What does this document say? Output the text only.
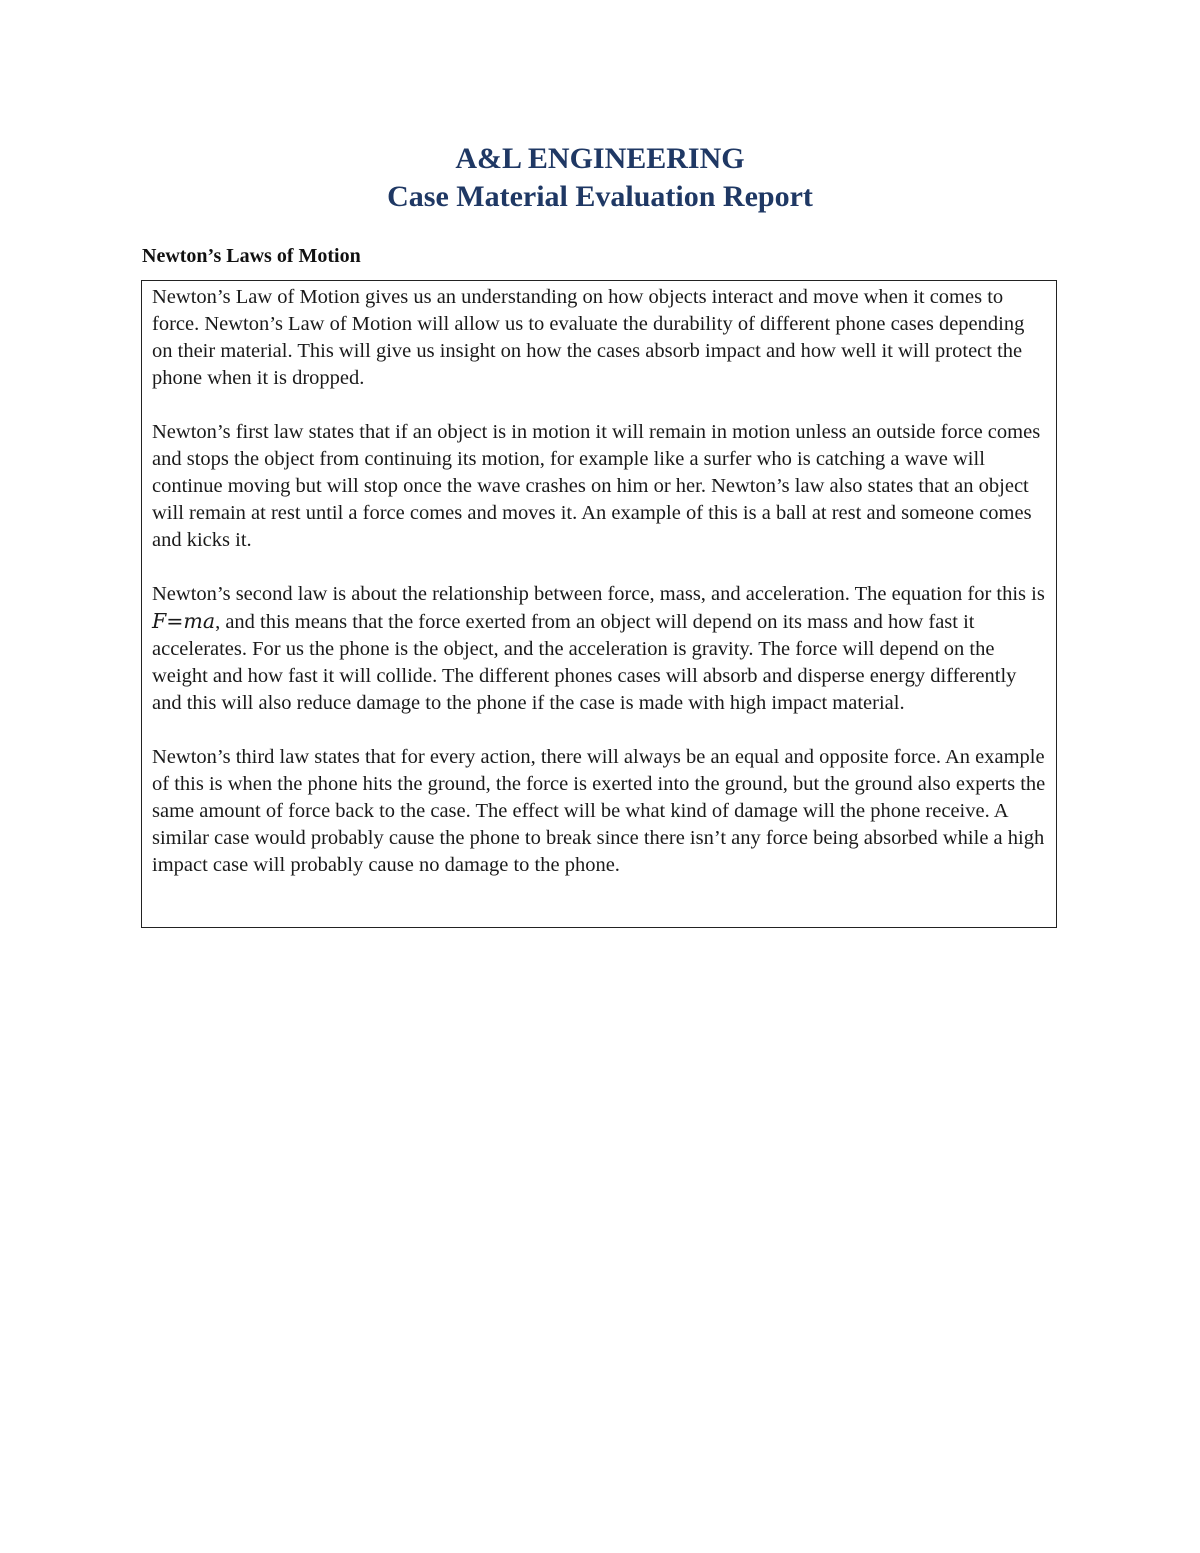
A&L ENGINEERING
Case Material Evaluation Report
Newton’s Laws of Motion

Newton’s Law of Motion gives us an understanding on how objects interact and move when it comes to force. Newton’s Law of Motion will allow us to evaluate the durability of different phone cases depending on their material. This will give us insight on how the cases absorb impact and how well it will protect the phone when it is dropped.

Newton’s first law states that if an object is in motion it will remain in motion unless an outside force comes and stops the object from continuing its motion, for example like a surfer who is catching a wave will continue moving but will stop once the wave crashes on him or her. Newton’s law also states that an object will remain at rest until a force comes and moves it. An example of this is a ball at rest and someone comes and kicks it.

Newton’s second law is about the relationship between force, mass, and acceleration. The equation for this is F=ma, and this means that the force exerted from an object will depend on its mass and how fast it accelerates. For us the phone is the object, and the acceleration is gravity. The force will depend on the weight and how fast it will collide. The different phones cases will absorb and disperse energy differently and this will also reduce damage to the phone if the case is made with high impact material.

Newton’s third law states that for every action, there will always be an equal and opposite force. An example of this is when the phone hits the ground, the force is exerted into the ground, but the ground also experts the same amount of force back to the case. The effect will be what kind of damage will the phone receive. A similar case would probably cause the phone to break since there isn’t any force being absorbed while a high impact case will probably cause no damage to the phone.
